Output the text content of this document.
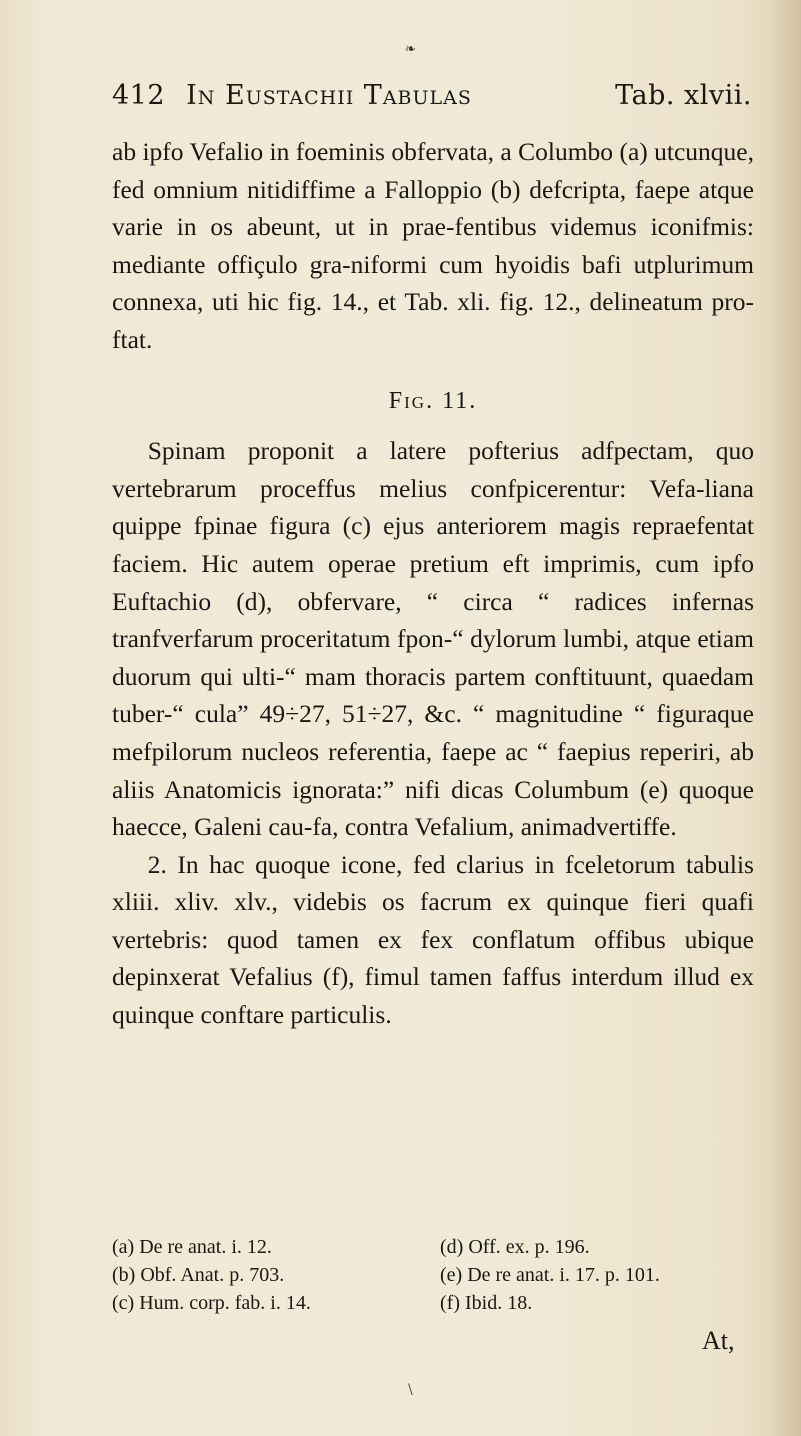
❧
412 In Eustachii Tabulas	Tab. xlvii.

ab ipfo Vefalio in foeminis obfervata, a Columbo (a) utcunque, fed omnium nitidiffime a Falloppio (b) defcripta, faepe atque varie in os abeunt, ut in prae-fentibus videmus iconifmis: mediante offiçulo gra-niformi cum hyoidis bafi utplurimum connexa, uti hic fig. 14., et Tab. xli. fig. 12., delineatum pro-ftat.

Fig. 11.

Spinam proponit a latere pofterius adfpectam, quo vertebrarum proceffus melius confpicerentur: Vefa-liana quippe fpinae figura (c) ejus anteriorem magis repraefentat faciem. Hic autem operae pretium eft imprimis, cum ipfo Euftachio (d), obfervare, “ circa “ radices infernas tranfverfarum proceritatum fpon-“ dylorum lumbi, atque etiam duorum qui ulti-“ mam thoracis partem conftituunt, quaedam tuber-“ cula” 49÷27, 51÷27, &c. “ magnitudine “ figuraque mefpilorum nucleos referentia, faepe ac “ faepius reperiri, ab aliis Anatomicis ignorata:” nifi dicas Columbum (e) quoque haecce, Galeni cau-fa, contra Vefalium, animadvertiffe.

2. In hac quoque icone, fed clarius in fceletorum tabulis xliii. xliv. xlv., videbis os facrum ex quinque fieri quafi vertebris: quod tamen ex fex conflatum offibus ubique depinxerat Vefalius (f), fimul tamen faffus interdum illud ex quinque conftare particulis.

(a) De re anat. i. 12.
(b) Obf. Anat. p. 703.
(c) Hum. corp. fab. i. 14.
(d) Off. ex. p. 196.
(e) De re anat. i. 17. p. 101.
(f) Ibid. 18.
At,
\
